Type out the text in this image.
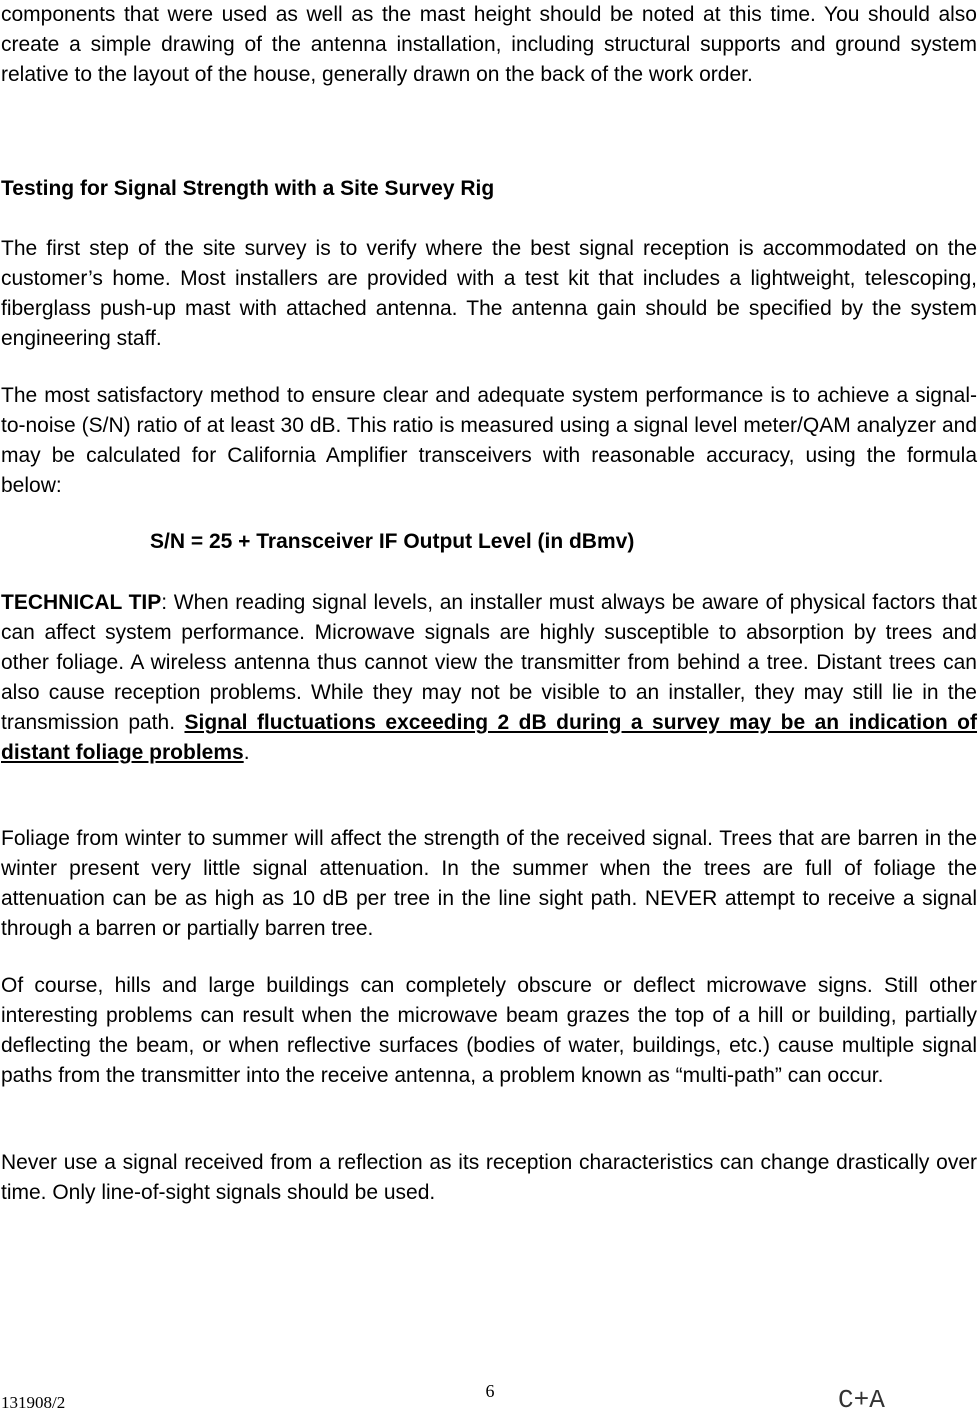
components that were used as well as the mast height should be noted at this time. You should also create a simple drawing of the antenna installation, including structural supports and ground system relative to the layout of the house, generally drawn on the back of the work order.

Testing for Signal Strength with a Site Survey Rig

The first step of the site survey is to verify where the best signal reception is accommodated on the customer’s home. Most installers are provided with a test kit that includes a lightweight, telescoping, fiberglass push-up mast with attached antenna. The antenna gain should be specified by the system engineering staff.

The most satisfactory method to ensure clear and adequate system performance is to achieve a signal-to-noise (S/N) ratio of at least 30 dB. This ratio is measured using a signal level meter/QAM analyzer and may be calculated for California Amplifier transceivers with reasonable accuracy, using the formula below:

S/N = 25 + Transceiver IF Output Level (in dBmv)

TECHNICAL TIP: When reading signal levels, an installer must always be aware of physical factors that can affect system performance. Microwave signals are highly susceptible to absorption by trees and other foliage. A wireless antenna thus cannot view the transmitter from behind a tree. Distant trees can also cause reception problems. While they may not be visible to an installer, they may still lie in the transmission path. Signal fluctuations exceeding 2 dB during a survey may be an indication of distant foliage problems.

Foliage from winter to summer will affect the strength of the received signal. Trees that are barren in the winter present very little signal attenuation. In the summer when the trees are full of foliage the attenuation can be as high as 10 dB per tree in the line sight path. NEVER attempt to receive a signal through a barren or partially barren tree.

Of course, hills and large buildings can completely obscure or deflect microwave signs. Still other interesting problems can result when the microwave beam grazes the top of a hill or building, partially deflecting the beam, or when reflective surfaces (bodies of water, buildings, etc.) cause multiple signal paths from the transmitter into the receive antenna, a problem known as “multi-path” can occur.

Never use a signal received from a reflection as its reception characteristics can change drastically over time. Only line-of-sight signals should be used.

131908/2
6	C+A
